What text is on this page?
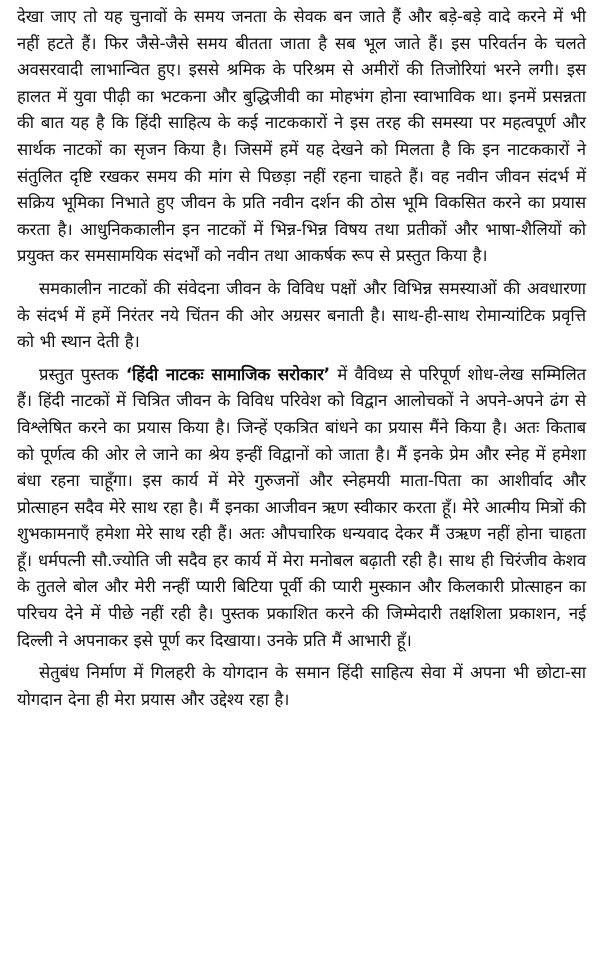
देखा जाए तो यह चुनावों के समय जनता के सेवक बन जाते हैं और बड़े-बड़े वादे करने में भी नहीं हटते हैं। फिर जैसे-जैसे समय बीतता जाता है सब भूल जाते हैं। इस परिवर्तन के चलते अवसरवादी लाभान्वित हुए। इससे श्रमिक के परिश्रम से अमीरों की तिजोरियां भरने लगी। इस हालत में युवा पीढ़ी का भटकना और बुद्धिजीवी का मोहभंग होना स्वाभाविक था। इनमें प्रसन्नता की बात यह है कि हिंदी साहित्य के कई नाटककारों ने इस तरह की समस्या पर महत्वपूर्ण और सार्थक नाटकों का सृजन किया है। जिसमें हमें यह देखने को मिलता है कि इन नाटककारों ने संतुलित दृष्टि रखकर समय की मांग से पिछड़ा नहीं रहना चाहते हैं। वह नवीन जीवन संदर्भ में सक्रिय भूमिका निभाते हुए जीवन के प्रति नवीन दर्शन की ठोस भूमि विकसित करने का प्रयास करता है। आधुनिककालीन इन नाटकों में भिन्न-भिन्न विषय तथा प्रतीकों और भाषा-शैलियों को प्रयुक्त कर समसामयिक संदर्भों को नवीन तथा आकर्षक रूप से प्रस्तुत किया है।

समकालीन नाटकों की संवेदना जीवन के विविध पक्षों और विभिन्न समस्याओं की अवधारणा के संदर्भ में हमें निरंतर नये चिंतन की ओर अग्रसर बनाती है। साथ-ही-साथ रोमान्यांटिक प्रवृत्ति को भी स्थान देती है।

प्रस्तुत पुस्तक ‘हिंदी नाटकः सामाजिक सरोकार’ में वैविध्य से परिपूर्ण शोध-लेख सम्मिलित हैं। हिंदी नाटकों में चित्रित जीवन के विविध परिवेश को विद्वान आलोचकों ने अपने-अपने ढंग से विश्लेषित करने का प्रयास किया है। जिन्हें एकत्रित बांधने का प्रयास मैंने किया है। अतः किताब को पूर्णत्व की ओर ले जाने का श्रेय इन्हीं विद्वानों को जाता है। मैं इनके प्रेम और स्नेह में हमेशा बंधा रहना चाहूँगा। इस कार्य में मेरे गुरुजनों और स्नेहमयी माता-पिता का आशीर्वाद और प्रोत्साहन सदैव मेरे साथ रहा है। मैं इनका आजीवन ऋण स्वीकार करता हूँ। मेरे आत्मीय मित्रों की शुभकामनाएँ हमेशा मेरे साथ रही हैं। अतः औपचारिक धन्यवाद देकर मैं उऋण नहीं होना चाहता हूँ। धर्मपत्नी सौ.ज्योति जी सदैव हर कार्य में मेरा मनोबल बढ़ाती रही है। साथ ही चिरंजीव केशव के तुतले बोल और मेरी नन्हीं प्यारी बिटिया पूर्वी की प्यारी मुस्कान और किलकारी प्रोत्साहन का परिचय देने में पीछे नहीं रही है। पुस्तक प्रकाशित करने की जिम्मेदारी तक्षशिला प्रकाशन, नई दिल्ली ने अपनाकर इसे पूर्ण कर दिखाया। उनके प्रति मैं आभारी हूँ।

सेतुबंध निर्माण में गिलहरी के योगदान के समान हिंदी साहित्य सेवा में अपना भी छोटा-सा योगदान देना ही मेरा प्रयास और उद्देश्य रहा है।
